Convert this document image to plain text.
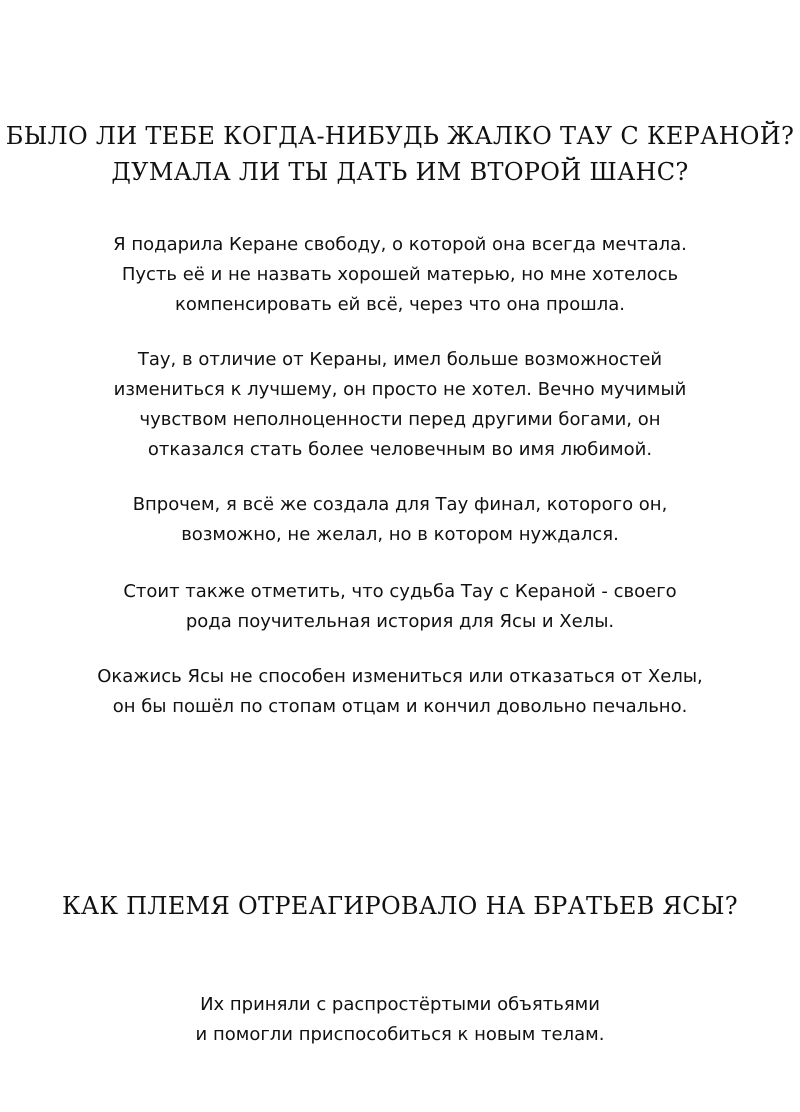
БЫЛО ЛИ ТЕБЕ КОГДА-НИБУДЬ ЖАЛКО ТАУ С КЕРАНОЙ?
ДУМАЛА ЛИ ТЫ ДАТЬ ИМ ВТОРОЙ ШАНС?

Я подарила Керане свободу, о которой она всегда мечтала.
Пусть её и не назвать хорошей матерью, но мне хотелось
компенсировать ей всё, через что она прошла.

Тау, в отличие от Кераны, имел больше возможностей
измениться к лучшему, он просто не хотел. Вечно мучимый
чувством неполноценности перед другими богами, он
отказался стать более человечным во имя любимой.

Впрочем, я всё же создала для Тау финал, которого он,
возможно, не желал, но в котором нуждался.

Стоит также отметить, что судьба Тау с Кераной - своего
рода поучительная история для Ясы и Хелы.

Окажись Ясы не способен измениться или отказаться от Хелы,
он бы пошёл по стопам отцам и кончил довольно печально.

КАК ПЛЕМЯ ОТРЕАГИРОВАЛО НА БРАТЬЕВ ЯСЫ?

Их приняли с распростёртыми объятьями
и помогли приспособиться к новым телам.
